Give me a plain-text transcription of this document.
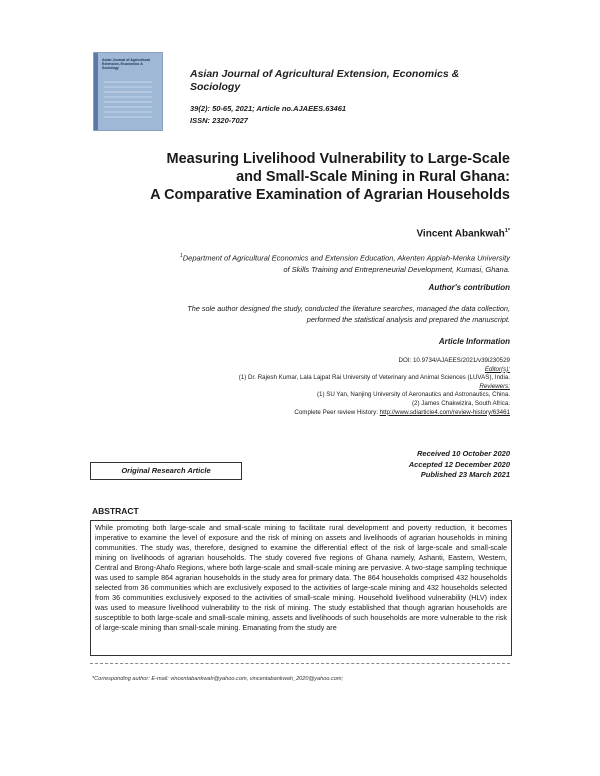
Asian Journal of Agricultural Extension, Economics & Sociology	Asian Journal of Agricultural Extension, Economics & Sociology
39(2): 50-65, 2021; Article no.AJAEES.63461
ISSN: 2320-7027
Measuring Livelihood Vulnerability to Large-Scale
and Small-Scale Mining in Rural Ghana:
A Comparative Examination of Agrarian Households
Vincent Abankwah$^{1*}$
$^1$Department of Agricultural Economics and Extension Education, Akenten Appiah-Menka University
of Skills Training and Entrepreneurial Development, Kumasi, Ghana.
Author's contribution
The sole author designed the study, conducted the literature searches, managed the data collection,
performed the statistical analysis and prepared the manuscript.
Article Information
DOI: 10.9734/AJAEES/2021/v39i230529
Editor(s):
(1) Dr. Rajesh Kumar, Lala Lajpat Rai University of Veterinary and Animal Sciences (LUVAS), India.
Reviewers:
(1) SU Yan, Nanjing University of Aeronautics and Astronautics, China.
(2) James Chakwizira, South Africa.
Complete Peer review History: http://www.sdiarticle4.com/review-history/63461
Original Research Article
Received 10 October 2020
Accepted 12 December 2020
Published 23 March 2021
ABSTRACT
While promoting both large-scale and small-scale mining to facilitate rural development and poverty reduction, it becomes imperative to examine the level of exposure and the risk of mining on assets and livelihoods of agrarian households in mining communities. The study was, therefore, designed to examine the differential effect of the risk of large-scale and small-scale mining on livelihoods of agrarian households. The study covered five regions of Ghana namely, Ashanti, Eastern, Western, Central and Brong-Ahafo Regions, where both large-scale and small-scale mining are pervasive. A two-stage sampling technique was used to sample 864 agrarian households in the study area for primary data. The 864 households comprised 432 households selected from 36 communities which are exclusively exposed to the activities of large-scale mining and 432 households selected from 36 communities exclusively exposed to the activities of small-scale mining. Household livelihood vulnerability (HLV) index was used to measure livelihood vulnerability to the risk of mining. The study established that though agrarian households are susceptible to both large-scale and small-scale mining, assets and livelihoods of such households are more vulnerable to the risk of large-scale mining than small-scale mining. Emanating from the study are
*Corresponding author: E-mail: vincentabankwah@yahoo.com, vincentabankwah_2020@yahoo.com;
